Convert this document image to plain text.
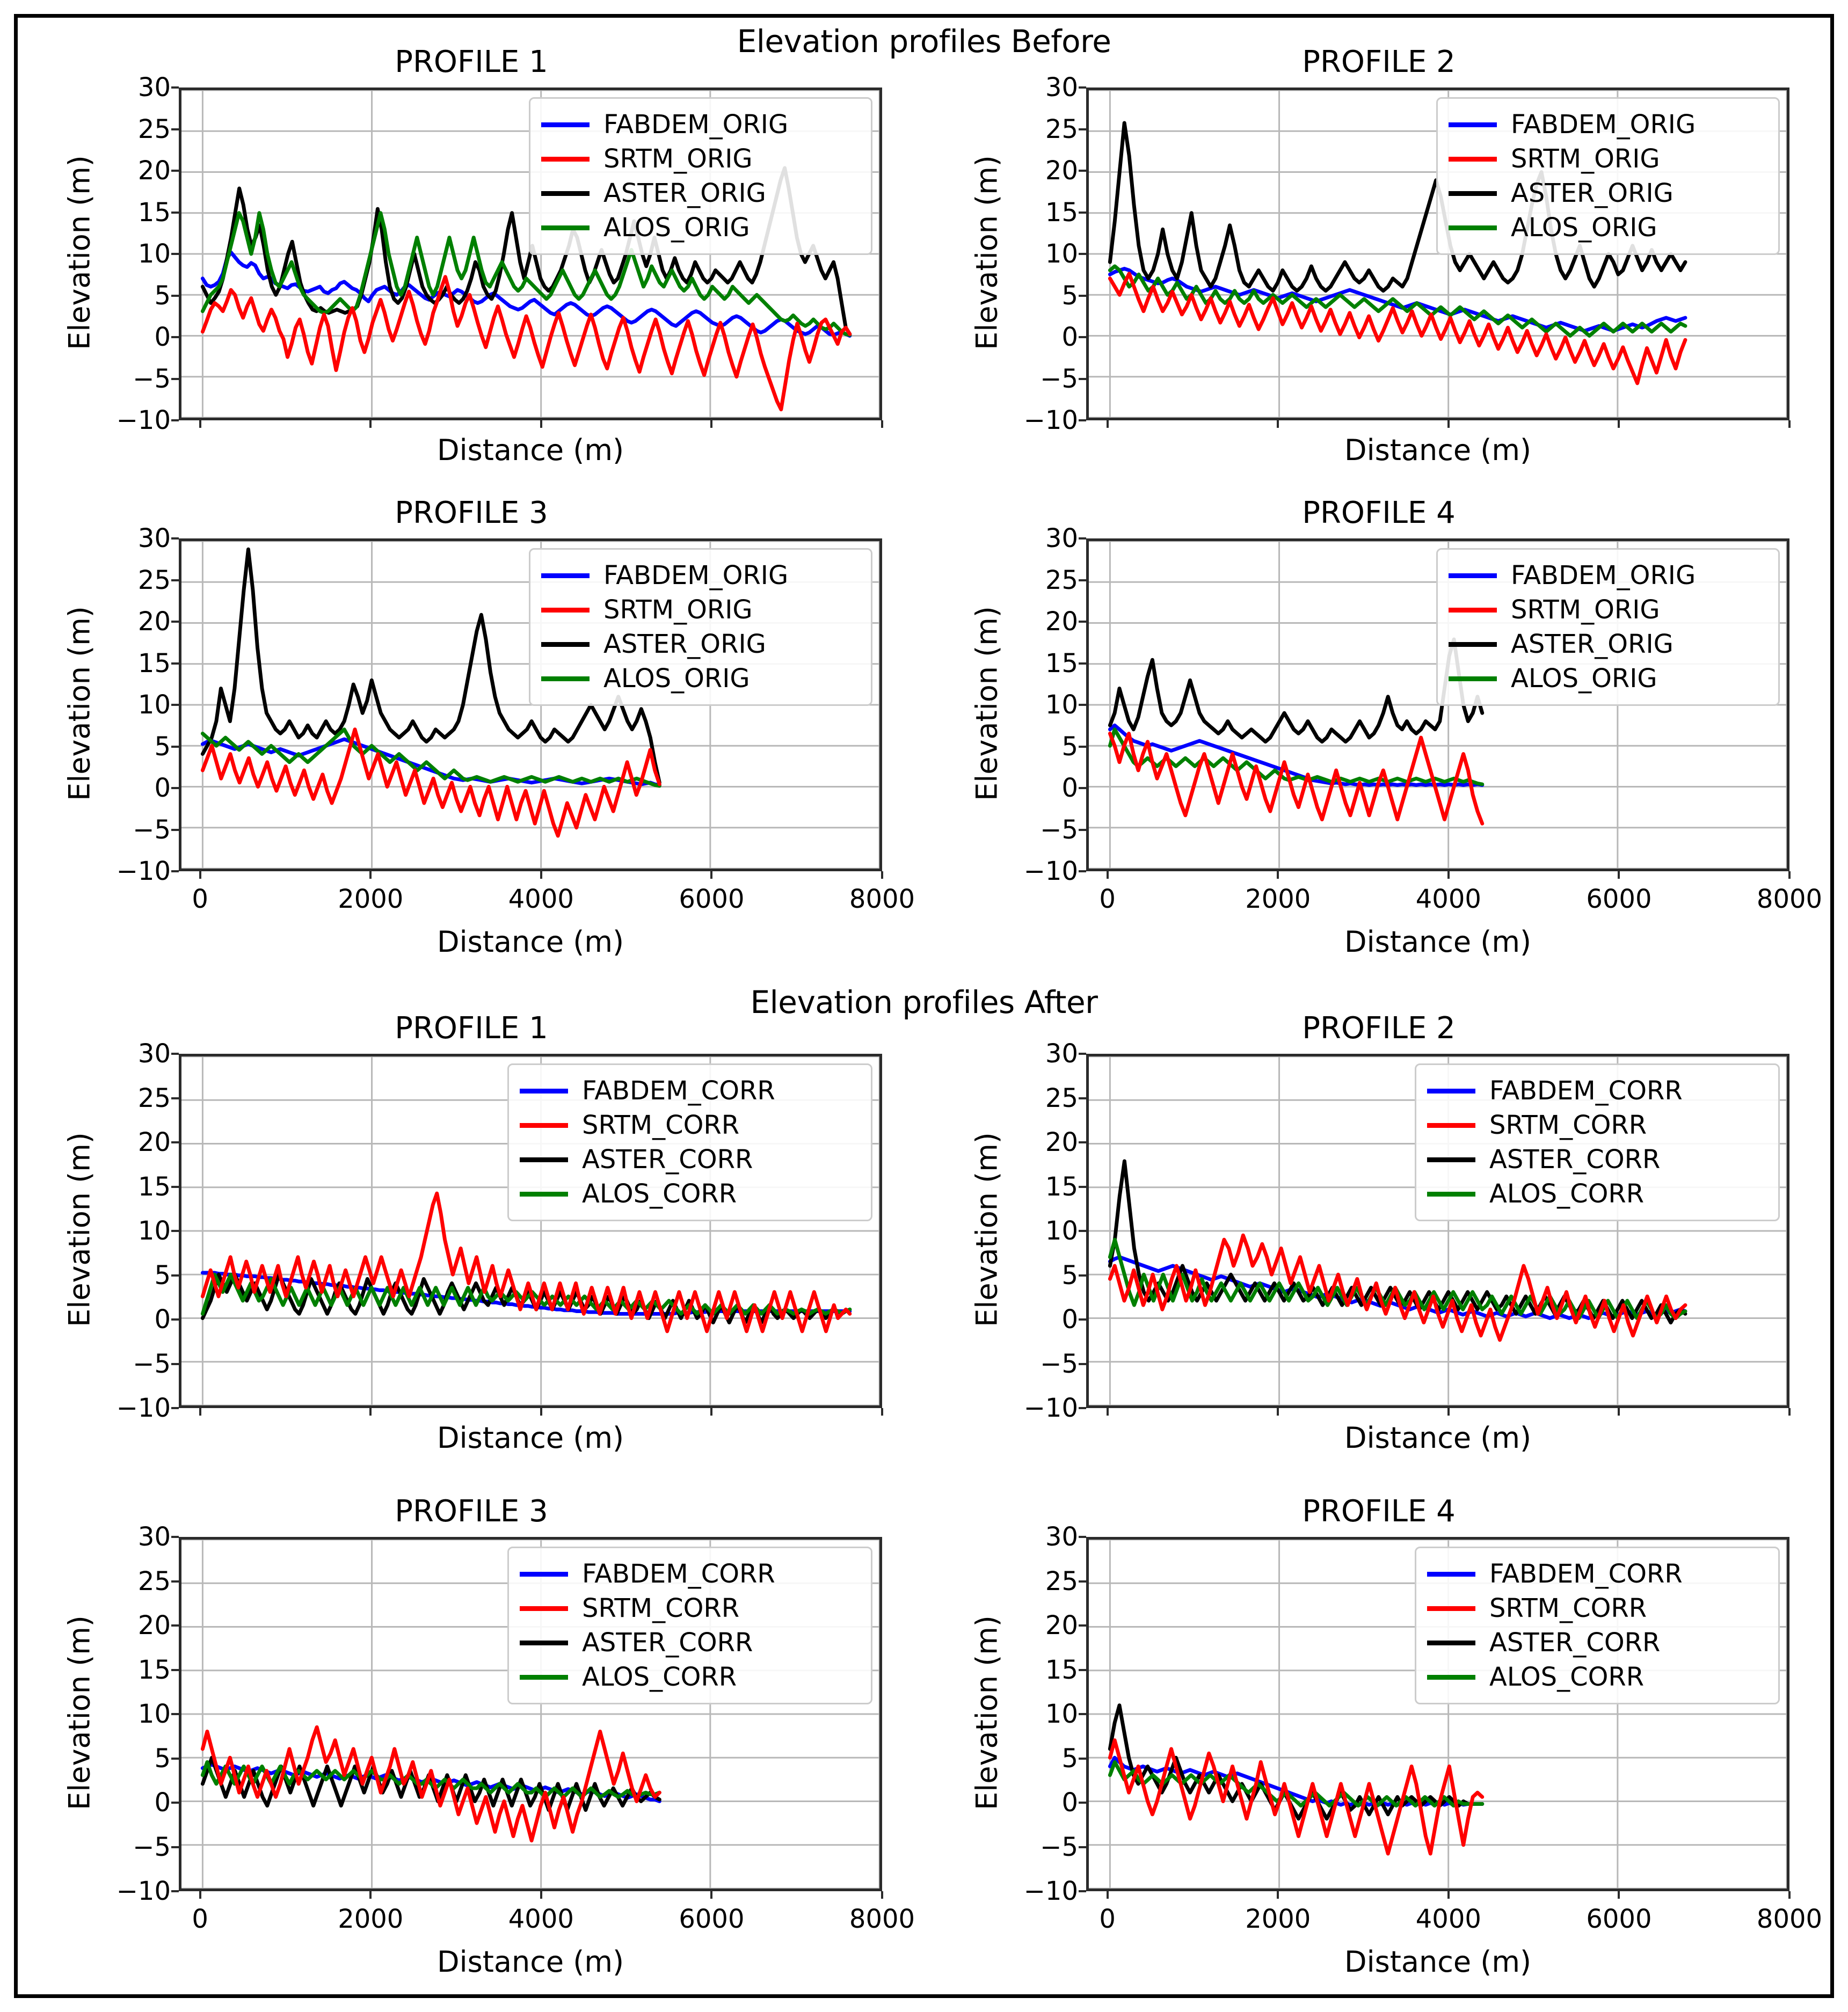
Elevation profiles Before
PROFILE 1
Elevation (m)
30
25
20
15
10
5
0
−5
−10
Distance (m)
FABDEM_ORIG
SRTM_ORIG
ASTER_ORIG
ALOS_ORIG
PROFILE 2
Elevation (m)
30
25
20
15
10
5
0
−5
−10
Distance (m)
FABDEM_ORIG
SRTM_ORIG
ASTER_ORIG
ALOS_ORIG
PROFILE 3
Elevation (m)
30
25
20
15
10
5
0
−5
−10
0	2000	4000	6000	8000
Distance (m)
FABDEM_ORIG
SRTM_ORIG
ASTER_ORIG
ALOS_ORIG
PROFILE 4
Elevation (m)
30
25
20
15
10
5
0
−5
−10
0	2000	4000	6000	8000
Distance (m)
FABDEM_ORIG
SRTM_ORIG
ASTER_ORIG
ALOS_ORIG
Elevation profiles After
PROFILE 1
Elevation (m)
30
25
20
15
10
5
0
−5
−10
Distance (m)
FABDEM_CORR
SRTM_CORR
ASTER_CORR
ALOS_CORR
PROFILE 2
Elevation (m)
30
25
20
15
10
5
0
−5
−10
Distance (m)
FABDEM_CORR
SRTM_CORR
ASTER_CORR
ALOS_CORR
PROFILE 3
Elevation (m)
30
25
20
15
10
5
0
−5
−10
0	2000	4000	6000	8000
Distance (m)
FABDEM_CORR
SRTM_CORR
ASTER_CORR
ALOS_CORR
PROFILE 4
Elevation (m)
30
25
20
15
10
5
0
−5
−10
0	2000	4000	6000	8000
Distance (m)
FABDEM_CORR
SRTM_CORR
ASTER_CORR
ALOS_CORR
